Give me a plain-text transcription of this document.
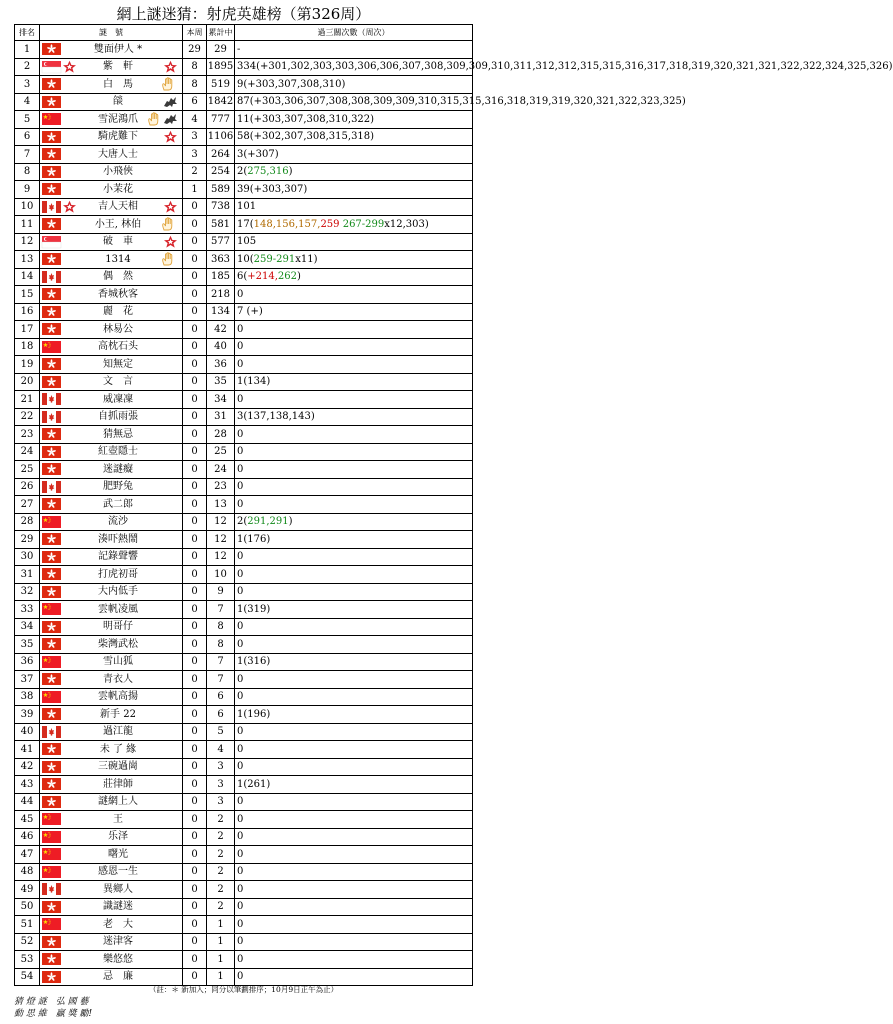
網上謎迷猜：射虎英雄榜（第326周）
排名	謎　號	本周	累計中	過三關次數（周次）
1	雙面伊人 *	29	29	-
2	紫　軒	8	1895	334(+301,302,303,303,306,306,307,308,309,309,310,311,312,312,315,315,316,317,318,319,320,321,321,322,322,324,325,326)
3	白　馬	8	519	9(+303,307,308,310)
4	燄	6	1842	87(+303,306,307,308,308,309,309,310,315,315,316,318,319,319,320,321,322,323,325)
5	雪泥鴻爪	4	777	11(+303,307,308,310,322)
6	騎虎難下	3	1106	58(+302,307,308,315,318)
7	大唐人士	3	264	3(+307)
8	小飛俠	2	254	2(275,316)
9	小茉花	1	589	39(+303,307)
10	吉人天相	0	738	101
11	小王, 林伯	0	581	17(148,156,157,259 267-299x12,303)
12	破　車	0	577	105
13	1314	0	363	10(259-291x11)
14	偶　然	0	185	6(+214,262)
15	香城秋客	0	218	0
16	麗　花	0	134	7 (+)
17	林易公	0	42	0
18	高枕石头	0	40	0
19	知無定	0	36	0
20	文　言	0	35	1(134)
21	威凜凜	0	34	0
22	自抓雨張	0	31	3(137,138,143)
23	猜無忌	0	28	0
24	紅壺隱士	0	25	0
25	迷謎癡	0	24	0
26	肥野兔	0	23	0
27	武二郎	0	13	0
28	流沙	0	12	2(291,291)
29	湊吓熱鬧	0	12	1(176)
30	記錄聲響	0	12	0
31	打虎初哥	0	10	0
32	大内低手	0	9	0
33	雲帆凌風	0	7	1(319)
34	明哥仔	0	8	0
35	柴灣武松	0	8	0
36	雪山狐	0	7	1(316)
37	青衣人	0	7	0
38	雲帆高揚	0	6	0
39	新手 22	0	6	1(196)
40	過江龍	0	5	0
41	未 了 緣	0	4	0
42	三碗過崗	0	3	0
43	莊律師	0	3	1(261)
44	謎網上人	0	3	0
45	王	0	2	0
46	乐泽	0	2	0
47	曙光	0	2	0
48	感恩一生	0	2	0
49	異鄉人	0	2	0
50	識謎迷	0	2	0
51	老　大	0	1	0
52	迷津客	0	1	0
53	樂悠悠	0	1	0
54	忌　廉	0	1	0
（註：＊ 新加入；同分以筆劃排序；10月9日正午為止）
猜 燈 謎　弘 國 藝
動 思 維　贏 獎 勵!
